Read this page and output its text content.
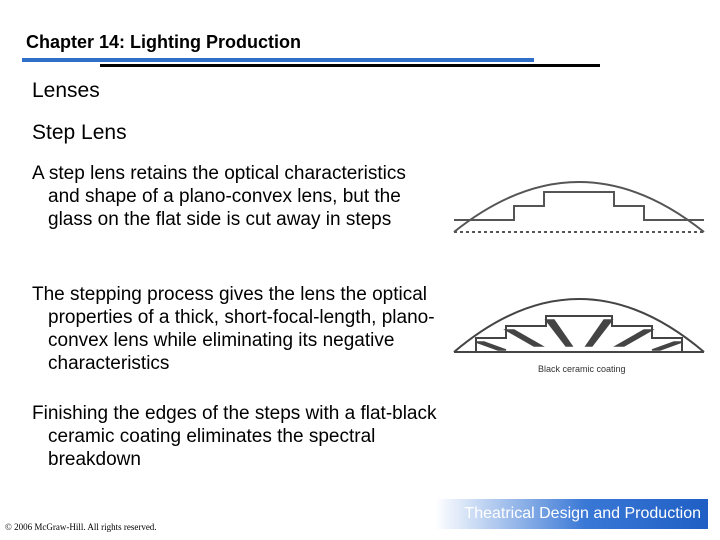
Chapter 14: Lighting Production
Lenses
Step Lens

A step lens retains the optical characteristics and shape of a plano-convex lens, but the glass on the flat side is cut away in steps

The stepping process gives the lens the optical properties of a thick, short-focal-length, plano-convex lens while eliminating its negative characteristics

Finishing the edges of the steps with a flat-black ceramic coating eliminates the spectral breakdown

Black ceramic coating
Theatrical Design and Production
© 2006 McGraw-Hill. All rights reserved.
